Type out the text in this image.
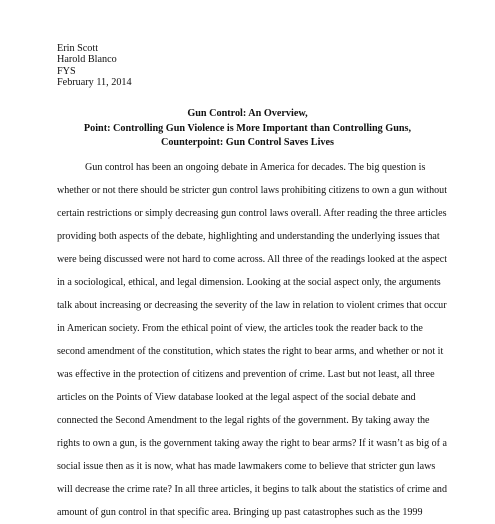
Erin Scott
Harold Blanco
FYS
February 11, 2014
Gun Control: An Overview,
Point: Controlling Gun Violence is More Important than Controlling Guns,
Counterpoint: Gun Control Saves Lives
Gun control has been an ongoing debate in America for decades. The big question is
whether or not there should be stricter gun control laws prohibiting citizens to own a gun without
certain restrictions or simply decreasing gun control laws overall. After reading the three articles
providing both aspects of the debate, highlighting and understanding the underlying issues that
were being discussed were not hard to come across. All three of the readings looked at the aspect
in a sociological, ethical, and legal dimension. Looking at the social aspect only, the arguments
talk about increasing or decreasing the severity of the law in relation to violent crimes that occur
in American society. From the ethical point of view, the articles took the reader back to the
second amendment of the constitution, which states the right to bear arms, and whether or not it
was effective in the protection of citizens and prevention of crime. Last but not least, all three
articles on the Points of View database looked at the legal aspect of the social debate and
connected the Second Amendment to the legal rights of the government. By taking away the
rights to own a gun, is the government taking away the right to bear arms? If it wasn’t as big of a
social issue then as it is now, what has made lawmakers come to believe that stricter gun laws
will decrease the crime rate? In all three articles, it begins to talk about the statistics of crime and
amount of gun control in that specific area. Bringing up past catastrophes such as the 1999
